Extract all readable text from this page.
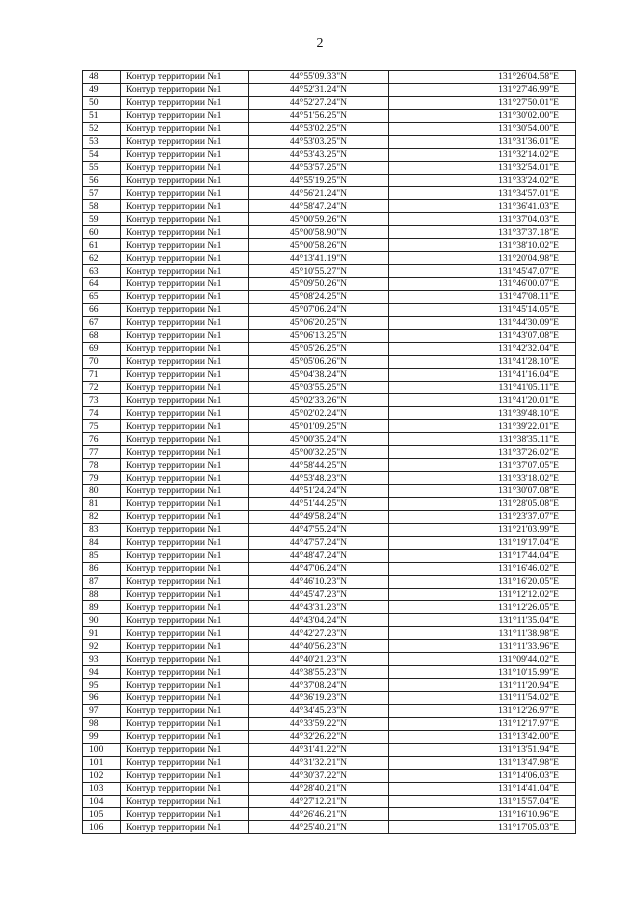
2
48	Контур территории №1	44°55'09.33"N	131°26'04.58"E
49	Контур территории №1	44°52'31.24"N	131°27'46.99"E
50	Контур территории №1	44°52'27.24"N	131°27'50.01"E
51	Контур территории №1	44°51'56.25"N	131°30'02.00"E
52	Контур территории №1	44°53'02.25"N	131°30'54.00"E
53	Контур территории №1	44°53'03.25"N	131°31'36.01"E
54	Контур территории №1	44°53'43.25"N	131°32'14.02"E
55	Контур территории №1	44°53'57.25"N	131°32'54.01"E
56	Контур территории №1	44°55'19.25"N	131°33'24.02"E
57	Контур территории №1	44°56'21.24"N	131°34'57.01"E
58	Контур территории №1	44°58'47.24"N	131°36'41.03"E
59	Контур территории №1	45°00'59.26"N	131°37'04.03"E
60	Контур территории №1	45°00'58.90"N	131°37'37.18"E
61	Контур территории №1	45°00'58.26"N	131°38'10.02"E
62	Контур территории №1	44°13'41.19"N	131°20'04.98"E
63	Контур территории №1	45°10'55.27"N	131°45'47.07"E
64	Контур территории №1	45°09'50.26"N	131°46'00.07"E
65	Контур территории №1	45°08'24.25"N	131°47'08.11"E
66	Контур территории №1	45°07'06.24"N	131°45'14.05"E
67	Контур территории №1	45°06'20.25"N	131°44'30.09"E
68	Контур территории №1	45°06'13.25"N	131°43'07.08"E
69	Контур территории №1	45°05'26.25"N	131°42'32.04"E
70	Контур территории №1	45°05'06.26"N	131°41'28.10"E
71	Контур территории №1	45°04'38.24"N	131°41'16.04"E
72	Контур территории №1	45°03'55.25"N	131°41'05.11"E
73	Контур территории №1	45°02'33.26"N	131°41'20.01"E
74	Контур территории №1	45°02'02.24"N	131°39'48.10"E
75	Контур территории №1	45°01'09.25"N	131°39'22.01"E
76	Контур территории №1	45°00'35.24"N	131°38'35.11"E
77	Контур территории №1	45°00'32.25"N	131°37'26.02"E
78	Контур территории №1	44°58'44.25"N	131°37'07.05"E
79	Контур территории №1	44°53'48.23"N	131°33'18.02"E
80	Контур территории №1	44°51'24.24"N	131°30'07.08"E
81	Контур территории №1	44°51'44.25"N	131°28'05.08"E
82	Контур территории №1	44°49'58.24"N	131°23'37.07"E
83	Контур территории №1	44°47'55.24"N	131°21'03.99"E
84	Контур территории №1	44°47'57.24"N	131°19'17.04"E
85	Контур территории №1	44°48'47.24"N	131°17'44.04"E
86	Контур территории №1	44°47'06.24"N	131°16'46.02"E
87	Контур территории №1	44°46'10.23"N	131°16'20.05"E
88	Контур территории №1	44°45'47.23"N	131°12'12.02"E
89	Контур территории №1	44°43'31.23"N	131°12'26.05"E
90	Контур территории №1	44°43'04.24"N	131°11'35.04"E
91	Контур территории №1	44°42'27.23"N	131°11'38.98"E
92	Контур территории №1	44°40'56.23"N	131°11'33.96"E
93	Контур территории №1	44°40'21.23"N	131°09'44.02"E
94	Контур территории №1	44°38'55.23"N	131°10'15.99"E
95	Контур территории №1	44°37'08.24"N	131°11'20.94"E
96	Контур территории №1	44°36'19.23"N	131°11'54.02"E
97	Контур территории №1	44°34'45.23"N	131°12'26.97"E
98	Контур территории №1	44°33'59.22"N	131°12'17.97"E
99	Контур территории №1	44°32'26.22"N	131°13'42.00"E
100	Контур территории №1	44°31'41.22"N	131°13'51.94"E
101	Контур территории №1	44°31'32.21"N	131°13'47.98"E
102	Контур территории №1	44°30'37.22"N	131°14'06.03"E
103	Контур территории №1	44°28'40.21"N	131°14'41.04"E
104	Контур территории №1	44°27'12.21"N	131°15'57.04"E
105	Контур территории №1	44°26'46.21"N	131°16'10.96"E
106	Контур территории №1	44°25'40.21"N	131°17'05.03"E
